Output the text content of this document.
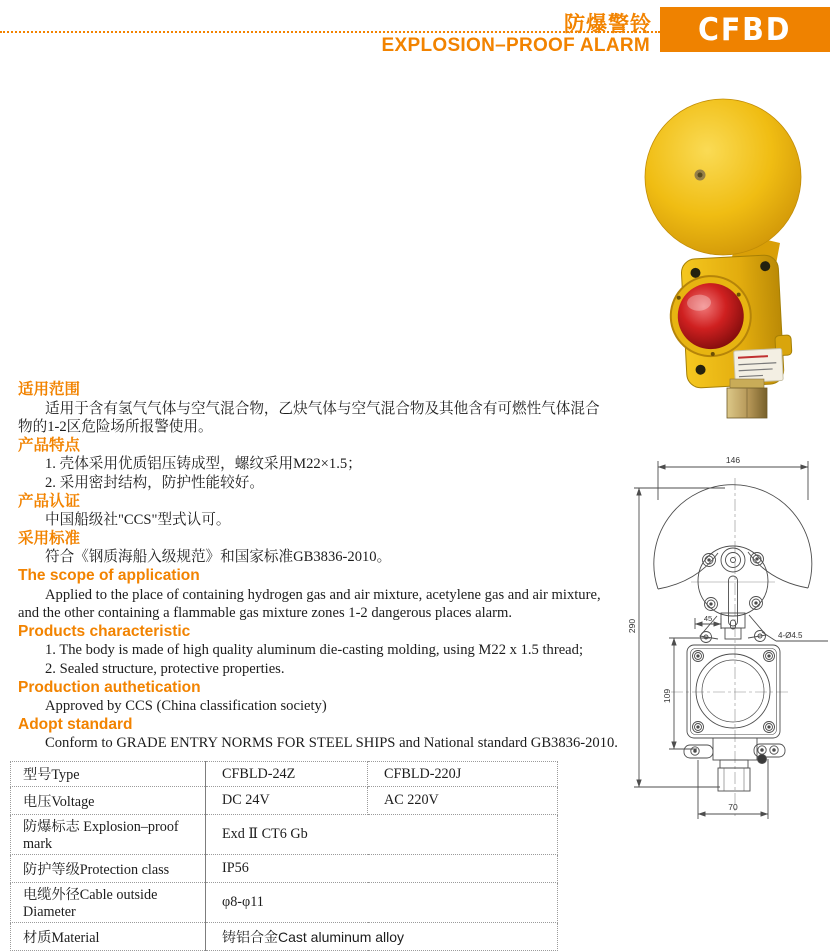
防爆警铃
EXPLOSION–PROOF ALARM CFBD
适用范围
适用于含有氢气气体与空气混合物，乙炔气体与空气混合物及其他含有可燃性气体混合
物的1-2区危险场所报警使用。
产品特点
1. 壳体采用优质铝压铸成型，螺纹采用M22×1.5；
2. 采用密封结构，防护性能较好。
产品认证
中国船级社"CCS"型式认可。
采用标准
符合《钢质海船入级规范》和国家标准GB3836-2010。
The scope of application
Applied to the place of containing hydrogen gas and air mixture, acetylene gas and air mixture,
and the other containing a flammable gas mixture zones 1-2 dangerous places alarm.
Products characteristic
1. The body is made of high quality aluminum die-casting molding, using M22 x 1.5 thread;
2. Sealed structure, protective properties.
Production authetication
Approved by CCS (China classification society)
Adopt standard
Conform to GRADE ENTRY NORMS FOR STEEL SHIPS and National standard GB3836-2010.
146
290
109
45
4-Ø4.5
70
型号Type	CFBLD-24Z	CFBLD-220J
电压Voltage	DC 24V	AC 220V
防爆标志 Explosion–proof mark	Exd Ⅱ CT6 Gb	
防护等级Protection class	IP56	
电缆外径Cable outside Diameter	φ8-φ11	
材质Material	铸铝合金Cast aluminum alloy	
